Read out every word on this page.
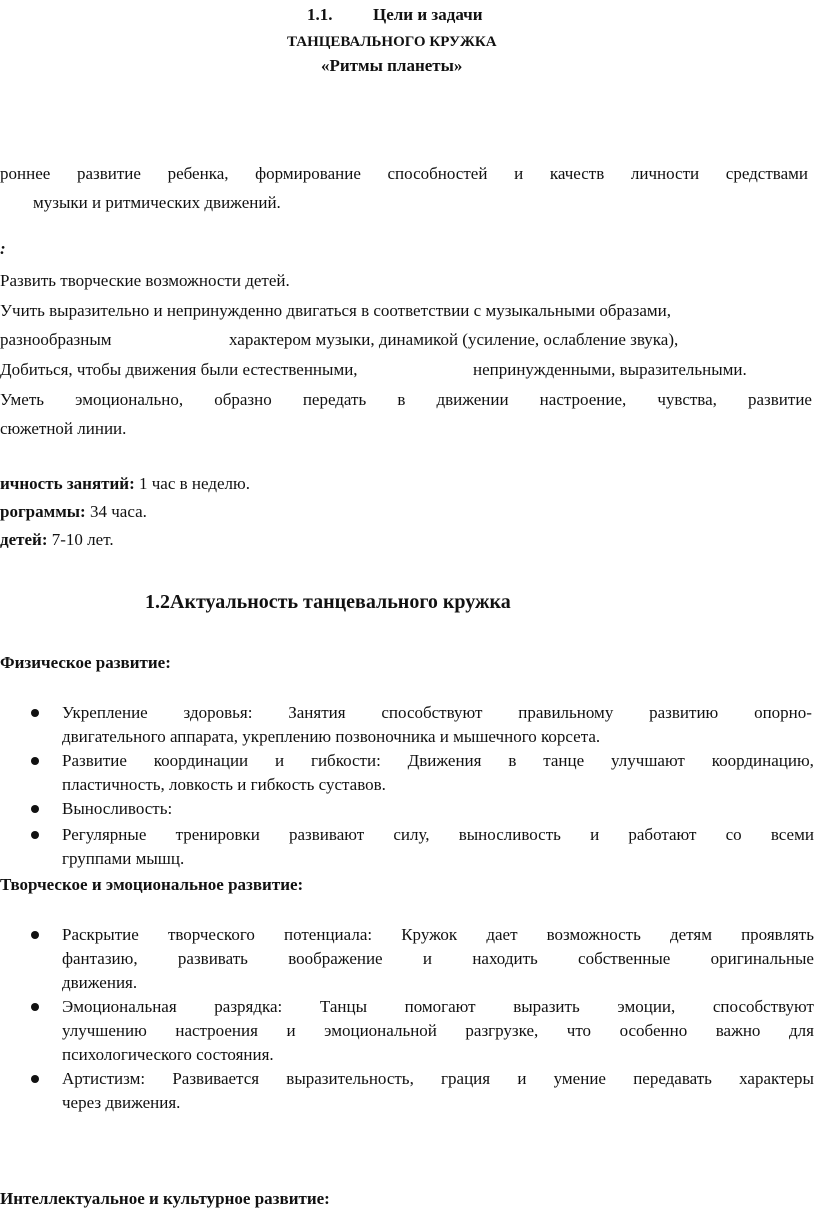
1.1. Цели и задачи
ТАНЦЕВАЛЬНОГО КРУЖКА
«Ритмы планеты»
роннее развитие ребенка, формирование способностей и качеств личности средствами
музыки и ритмических движений.
:
Развить творческие возможности детей.
Учить выразительно и непринужденно двигаться в соответствии с музыкальными образами,
разнообразным	характером музыки, динамикой (усиление, ослабление звука),
Добиться, чтобы движения были естественными,	непринужденными, выразительными.
Уметь эмоционально, образно передать в движении настроение, чувства, развитие
сюжетной линии.
ичность занятий: 1 час в неделю.
рограммы: 34 часа.
детей: 7-10 лет.
1.2Актуальность танцевального кружка
Физическое развитие:
Укрепление здоровья: Занятия способствуют правильному развитию опорно-
двигательного аппарата, укреплению позвоночника и мышечного корсета.
Развитие координации и гибкости: Движения в танце улучшают координацию,
пластичность, ловкость и гибкость суставов.
Выносливость:
Регулярные тренировки развивают силу, выносливость и работают со всеми
группами мышц.
Творческое и эмоциональное развитие:
Раскрытие творческого потенциала: Кружок дает возможность детям проявлять
фантазию, развивать воображение и находить собственные оригинальные
движения.
Эмоциональная разрядка: Танцы помогают выразить эмоции, способствуют
улучшению настроения и эмоциональной разгрузке, что особенно важно для
психологического состояния.
Артистизм: Развивается выразительность, грация и умение передавать характеры
через движения.
Интеллектуальное и культурное развитие:
